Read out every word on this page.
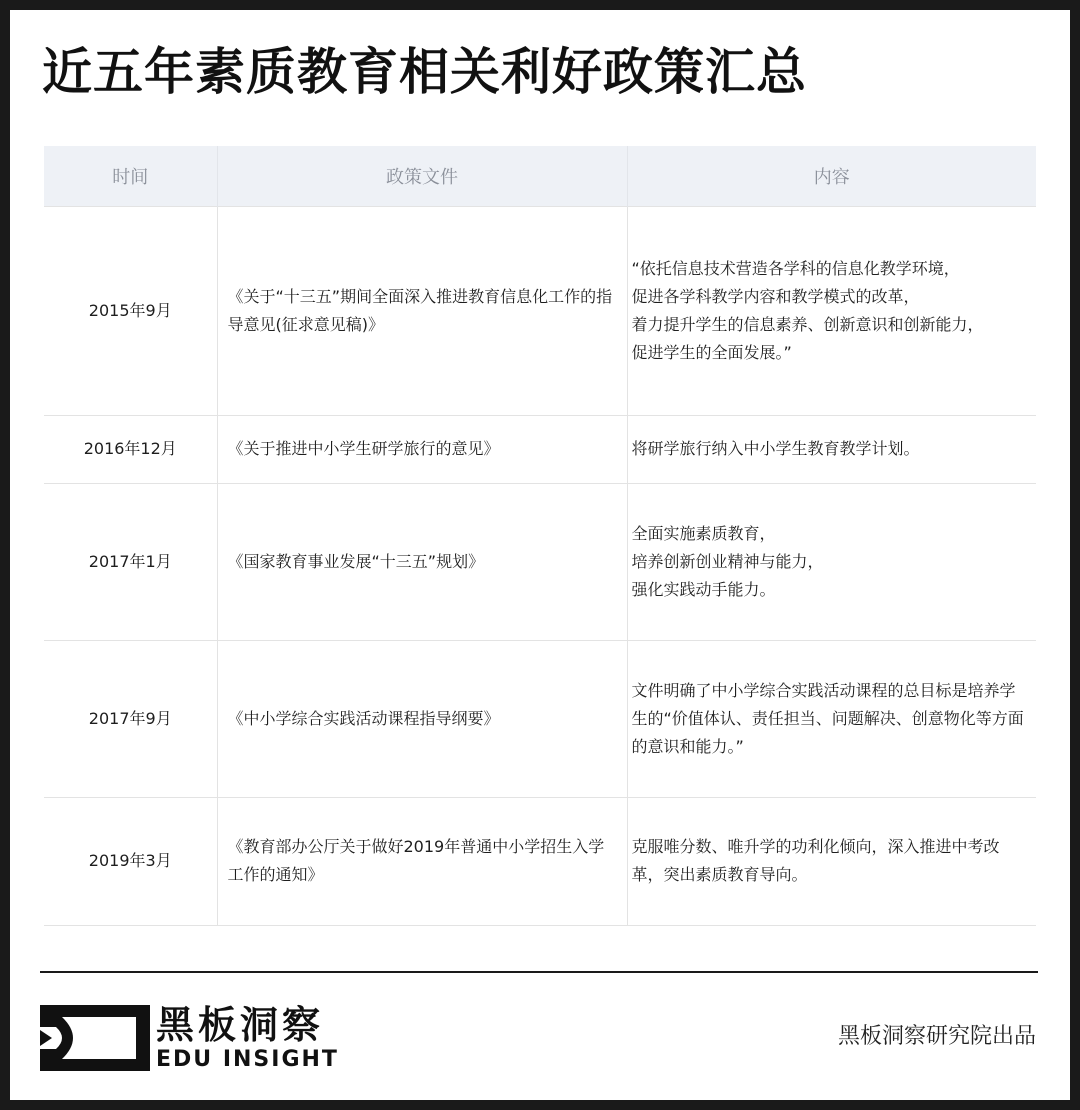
近五年素质教育相关利好政策汇总
时间	政策文件	内容
2015年9月	《关于“十三五”期间全面深入推进教育信息化工作的指导意见(征求意见稿)》	“依托信息技术营造各学科的信息化教学环境，
促进各学科教学内容和教学模式的改革，
着力提升学生的信息素养、创新意识和创新能力，
促进学生的全面发展。”
2016年12月	《关于推进中小学生研学旅行的意见》	将研学旅行纳入中小学生教育教学计划。
2017年1月	《国家教育事业发展“十三五”规划》	全面实施素质教育，
培养创新创业精神与能力，
强化实践动手能力。
2017年9月	《中小学综合实践活动课程指导纲要》	文件明确了中小学综合实践活动课程的总目标是培养学生的“价值体认、责任担当、问题解决、创意物化等方面的意识和能力。”
2019年3月	《教育部办公厅关于做好2019年普通中小学招生入学工作的通知》	克服唯分数、唯升学的功利化倾向，深入推进中考改革，突出素质教育导向。
黑板洞察
EDU INSIGHT
黑板洞察研究院出品
